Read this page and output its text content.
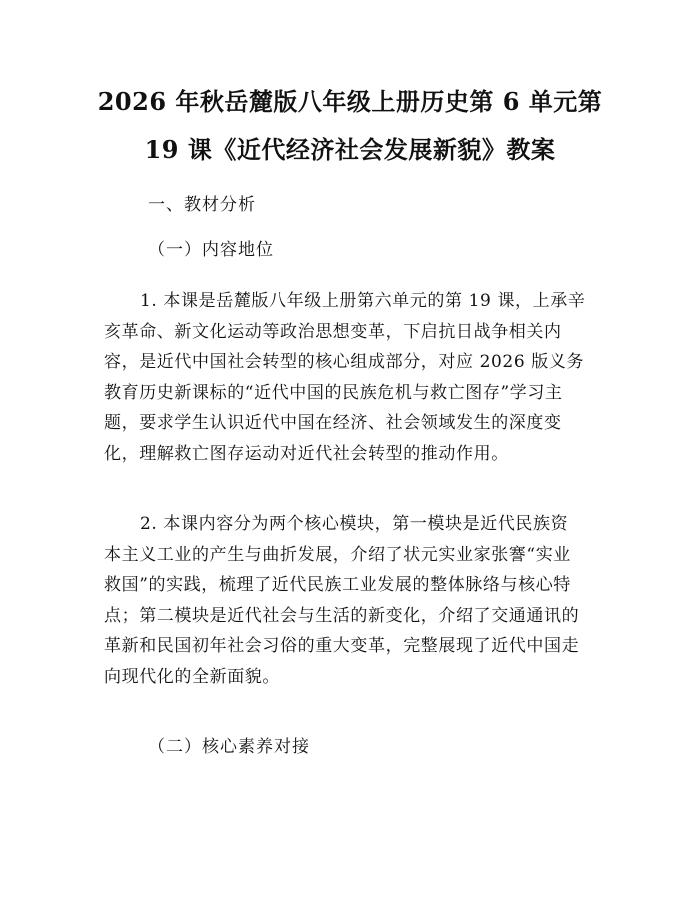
2026 年秋岳麓版八年级上册历史第 6 单元第
19 课《近代经济社会发展新貌》教案
一、教材分析
（一）内容地位
1. 本课是岳麓版八年级上册第六单元的第 19 课，上承辛
亥革命、新文化运动等政治思想变革，下启抗日战争相关内
容，是近代中国社会转型的核心组成部分，对应 2026 版义务
教育历史新课标的“近代中国的民族危机与救亡图存”学习主
题，要求学生认识近代中国在经济、社会领域发生的深度变
化，理解救亡图存运动对近代社会转型的推动作用。
2. 本课内容分为两个核心模块，第一模块是近代民族资
本主义工业的产生与曲折发展，介绍了状元实业家张謇“实业
救国”的实践，梳理了近代民族工业发展的整体脉络与核心特
点；第二模块是近代社会与生活的新变化，介绍了交通通讯的
革新和民国初年社会习俗的重大变革，完整展现了近代中国走
向现代化的全新面貌。
（二）核心素养对接
